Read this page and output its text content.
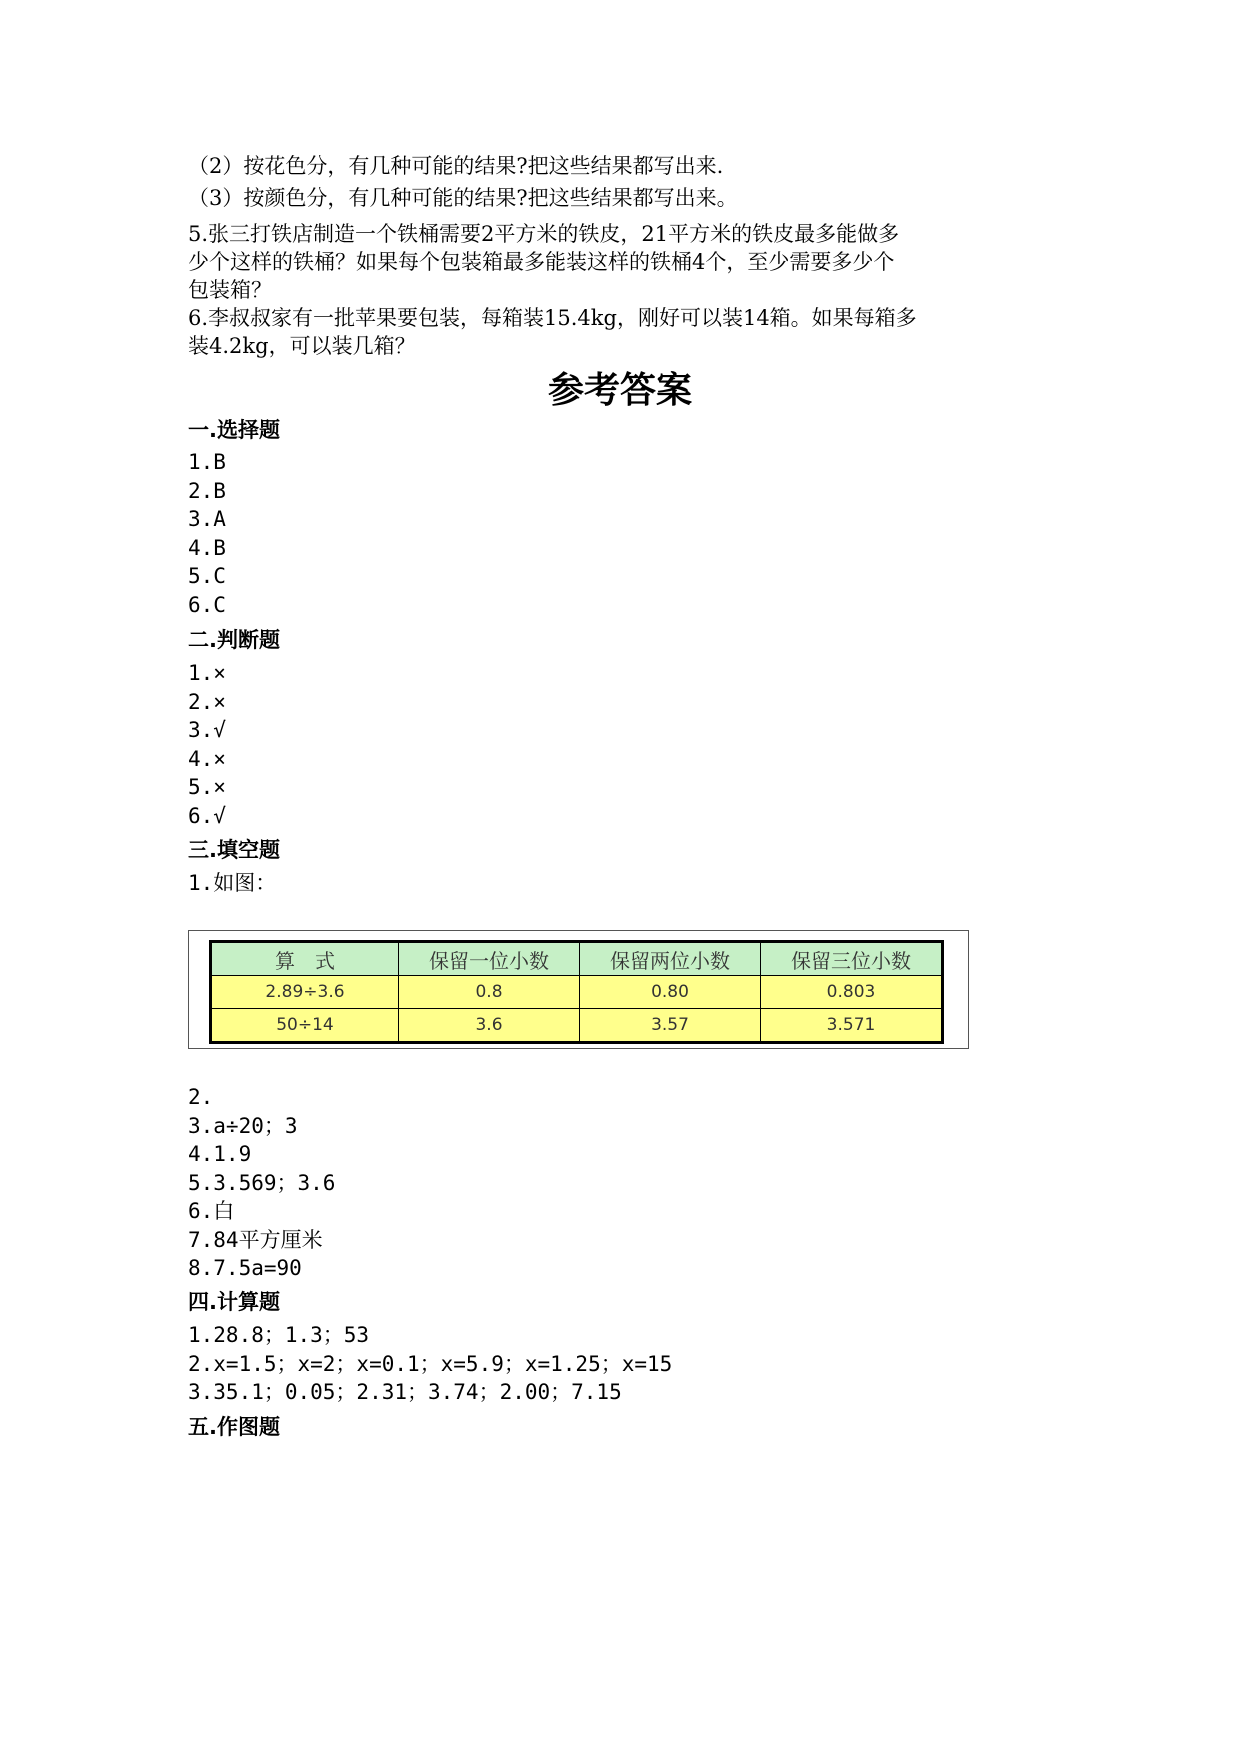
（2）按花色分，有几种可能的结果?把这些结果都写出来.
（3）按颜色分，有几种可能的结果?把这些结果都写出来。
5.张三打铁店制造一个铁桶需要2平方米的铁皮，21平方米的铁皮最多能做多
少个这样的铁桶？如果每个包装箱最多能装这样的铁桶4个，至少需要多少个
包装箱？
6.李叔叔家有一批苹果要包装，每箱装15.4kg，刚好可以装14箱。如果每箱多
装4.2kg，可以装几箱？
参考答案
一.选择题
1.B
2.B
3.A
4.B
5.C
6.C
二.判断题
1.×
2.×
3.√
4.×
5.×
6.√
三.填空题
1.如图：
算　式	保留一位小数	保留两位小数	保留三位小数
2.89÷3.6	0.8	0.80	0.803
50÷14	3.6	3.57	3.571
2.
3.a÷20；3
4.1.9
5.3.569；3.6
6.白
7.84平方厘米
8.7.5a=90
四.计算题
1.28.8；1.3；53
2.x=1.5；x=2；x=0.1；x=5.9；x=1.25；x=15
3.35.1；0.05；2.31；3.74；2.00；7.15
五.作图题
